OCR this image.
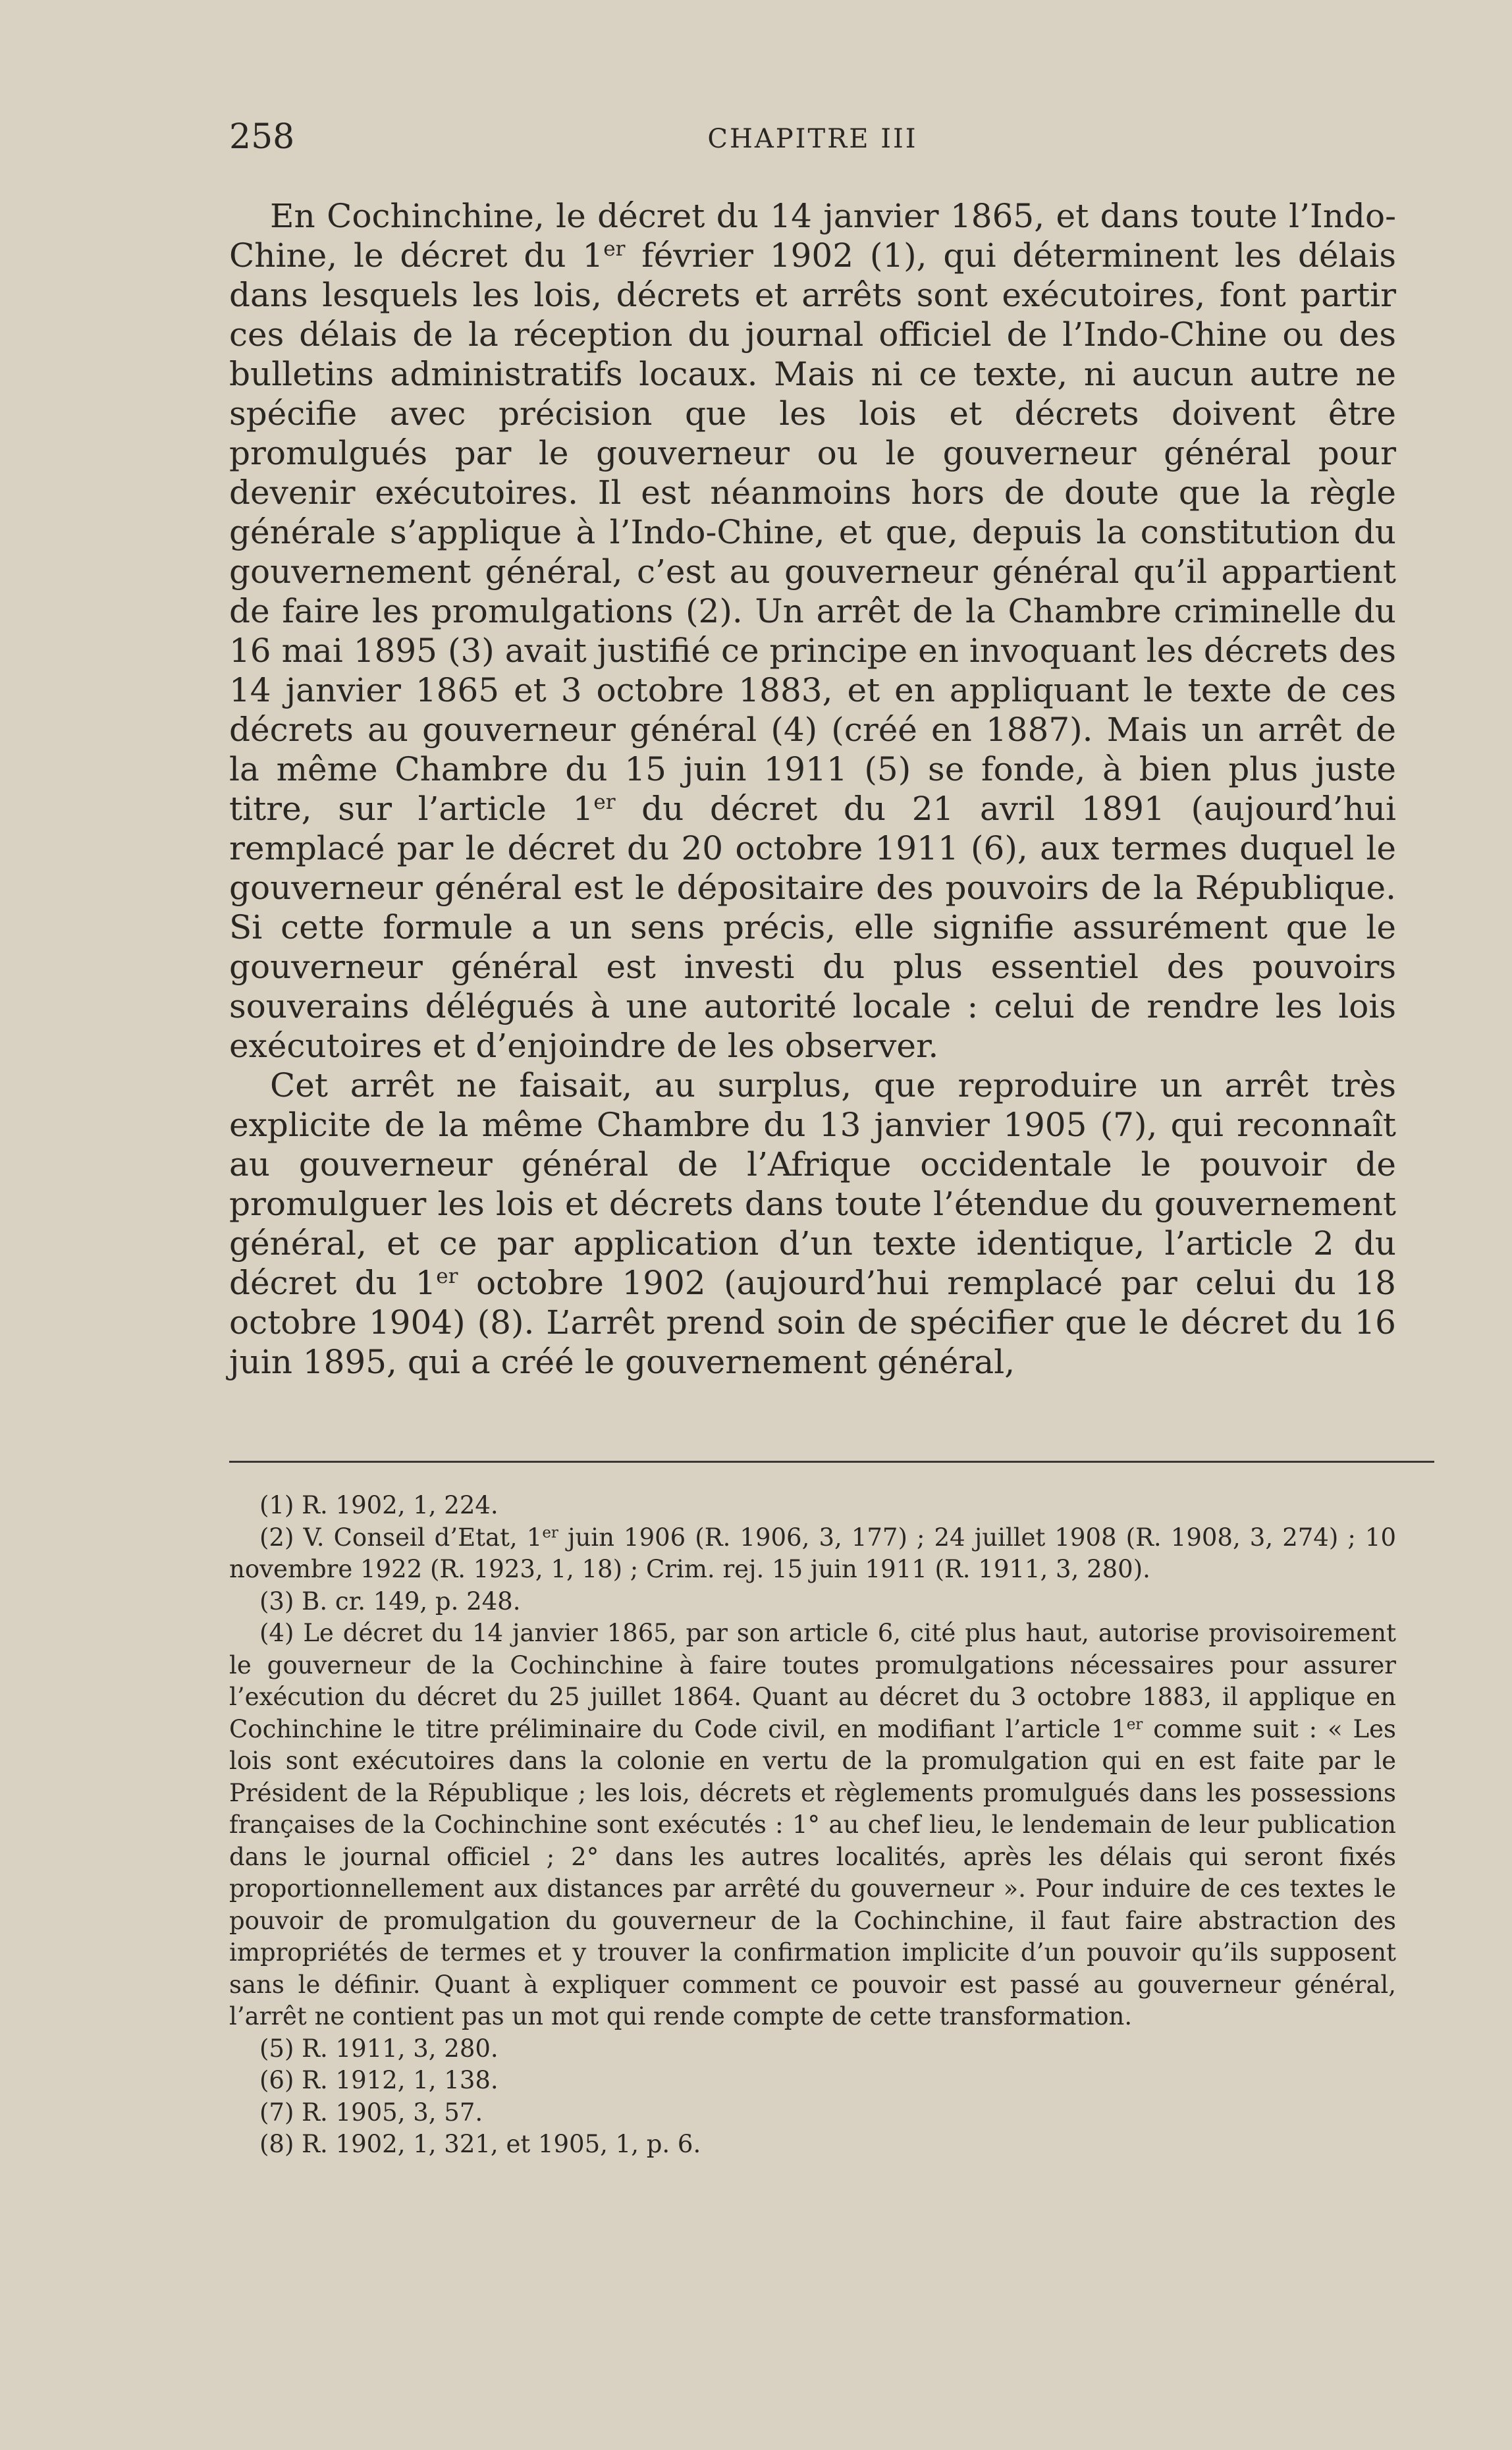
258	CHAPITRE III

En Cochinchine, le décret du 14 janvier 1865, et dans toute l’Indo-Chine, le décret du 1er février 1902 (1), qui déterminent les délais dans lesquels les lois, décrets et arrêts sont exécutoires, font partir ces délais de la réception du journal officiel de l’Indo-Chine ou des bulletins administratifs locaux. Mais ni ce texte, ni aucun autre ne spécifie avec précision que les lois et décrets doivent être promulgués par le gouverneur ou le gouverneur général pour devenir exécutoires. Il est néanmoins hors de doute que la règle générale s’applique à l’Indo-Chine, et que, depuis la constitution du gouvernement général, c’est au gouverneur général qu’il appartient de faire les promulgations (2). Un arrêt de la Chambre criminelle du 16 mai 1895 (3) avait justifié ce principe en invoquant les décrets des 14 janvier 1865 et 3 octobre 1883, et en appliquant le texte de ces décrets au gouverneur général (4) (créé en 1887). Mais un arrêt de la même Chambre du 15 juin 1911 (5) se fonde, à bien plus juste titre, sur l’article 1er du décret du 21 avril 1891 (aujourd’hui remplacé par le décret du 20 octobre 1911 (6), aux termes duquel le gouverneur général est le dépositaire des pouvoirs de la République. Si cette formule a un sens précis, elle signifie assurément que le gouverneur général est investi du plus essentiel des pouvoirs souverains délégués à une autorité locale : celui de rendre les lois exécutoires et d’enjoindre de les observer.

Cet arrêt ne faisait, au surplus, que reproduire un arrêt très explicite de la même Chambre du 13 janvier 1905 (7), qui reconnaît au gouverneur général de l’Afrique occidentale le pouvoir de promulguer les lois et décrets dans toute l’étendue du gouvernement général, et ce par application d’un texte identique, l’article 2 du décret du 1er octobre 1902 (aujourd’hui remplacé par celui du 18 octobre 1904) (8). L’arrêt prend soin de spécifier que le décret du 16 juin 1895, qui a créé le gouvernement général,

(1) R. 1902, 1, 224.

(2) V. Conseil d’Etat, 1er juin 1906 (R. 1906, 3, 177) ; 24 juillet 1908 (R. 1908, 3, 274) ; 10 novembre 1922 (R. 1923, 1, 18) ; Crim. rej. 15 juin 1911 (R. 1911, 3, 280).

(3) B. cr. 149, p. 248.

(4) Le décret du 14 janvier 1865, par son article 6, cité plus haut, autorise provisoirement le gouverneur de la Cochinchine à faire toutes promulgations nécessaires pour assurer l’exécution du décret du 25 juillet 1864. Quant au décret du 3 octobre 1883, il applique en Cochinchine le titre préliminaire du Code civil, en modifiant l’article 1er comme suit : « Les lois sont exécutoires dans la colonie en vertu de la promulgation qui en est faite par le Président de la République ; les lois, décrets et règlements promulgués dans les possessions françaises de la Cochinchine sont exécutés : 1° au chef lieu, le lendemain de leur publication dans le journal officiel ; 2° dans les autres localités, après les délais qui seront fixés proportionnellement aux distances par arrêté du gouverneur ». Pour induire de ces textes le pouvoir de promulgation du gouverneur de la Cochinchine, il faut faire abstraction des impropriétés de termes et y trouver la confirmation implicite d’un pouvoir qu’ils supposent sans le définir. Quant à expliquer comment ce pouvoir est passé au gouverneur général, l’arrêt ne contient pas un mot qui rende compte de cette transformation.

(5) R. 1911, 3, 280.

(6) R. 1912, 1, 138.

(7) R. 1905, 3, 57.

(8) R. 1902, 1, 321, et 1905, 1, p. 6.
